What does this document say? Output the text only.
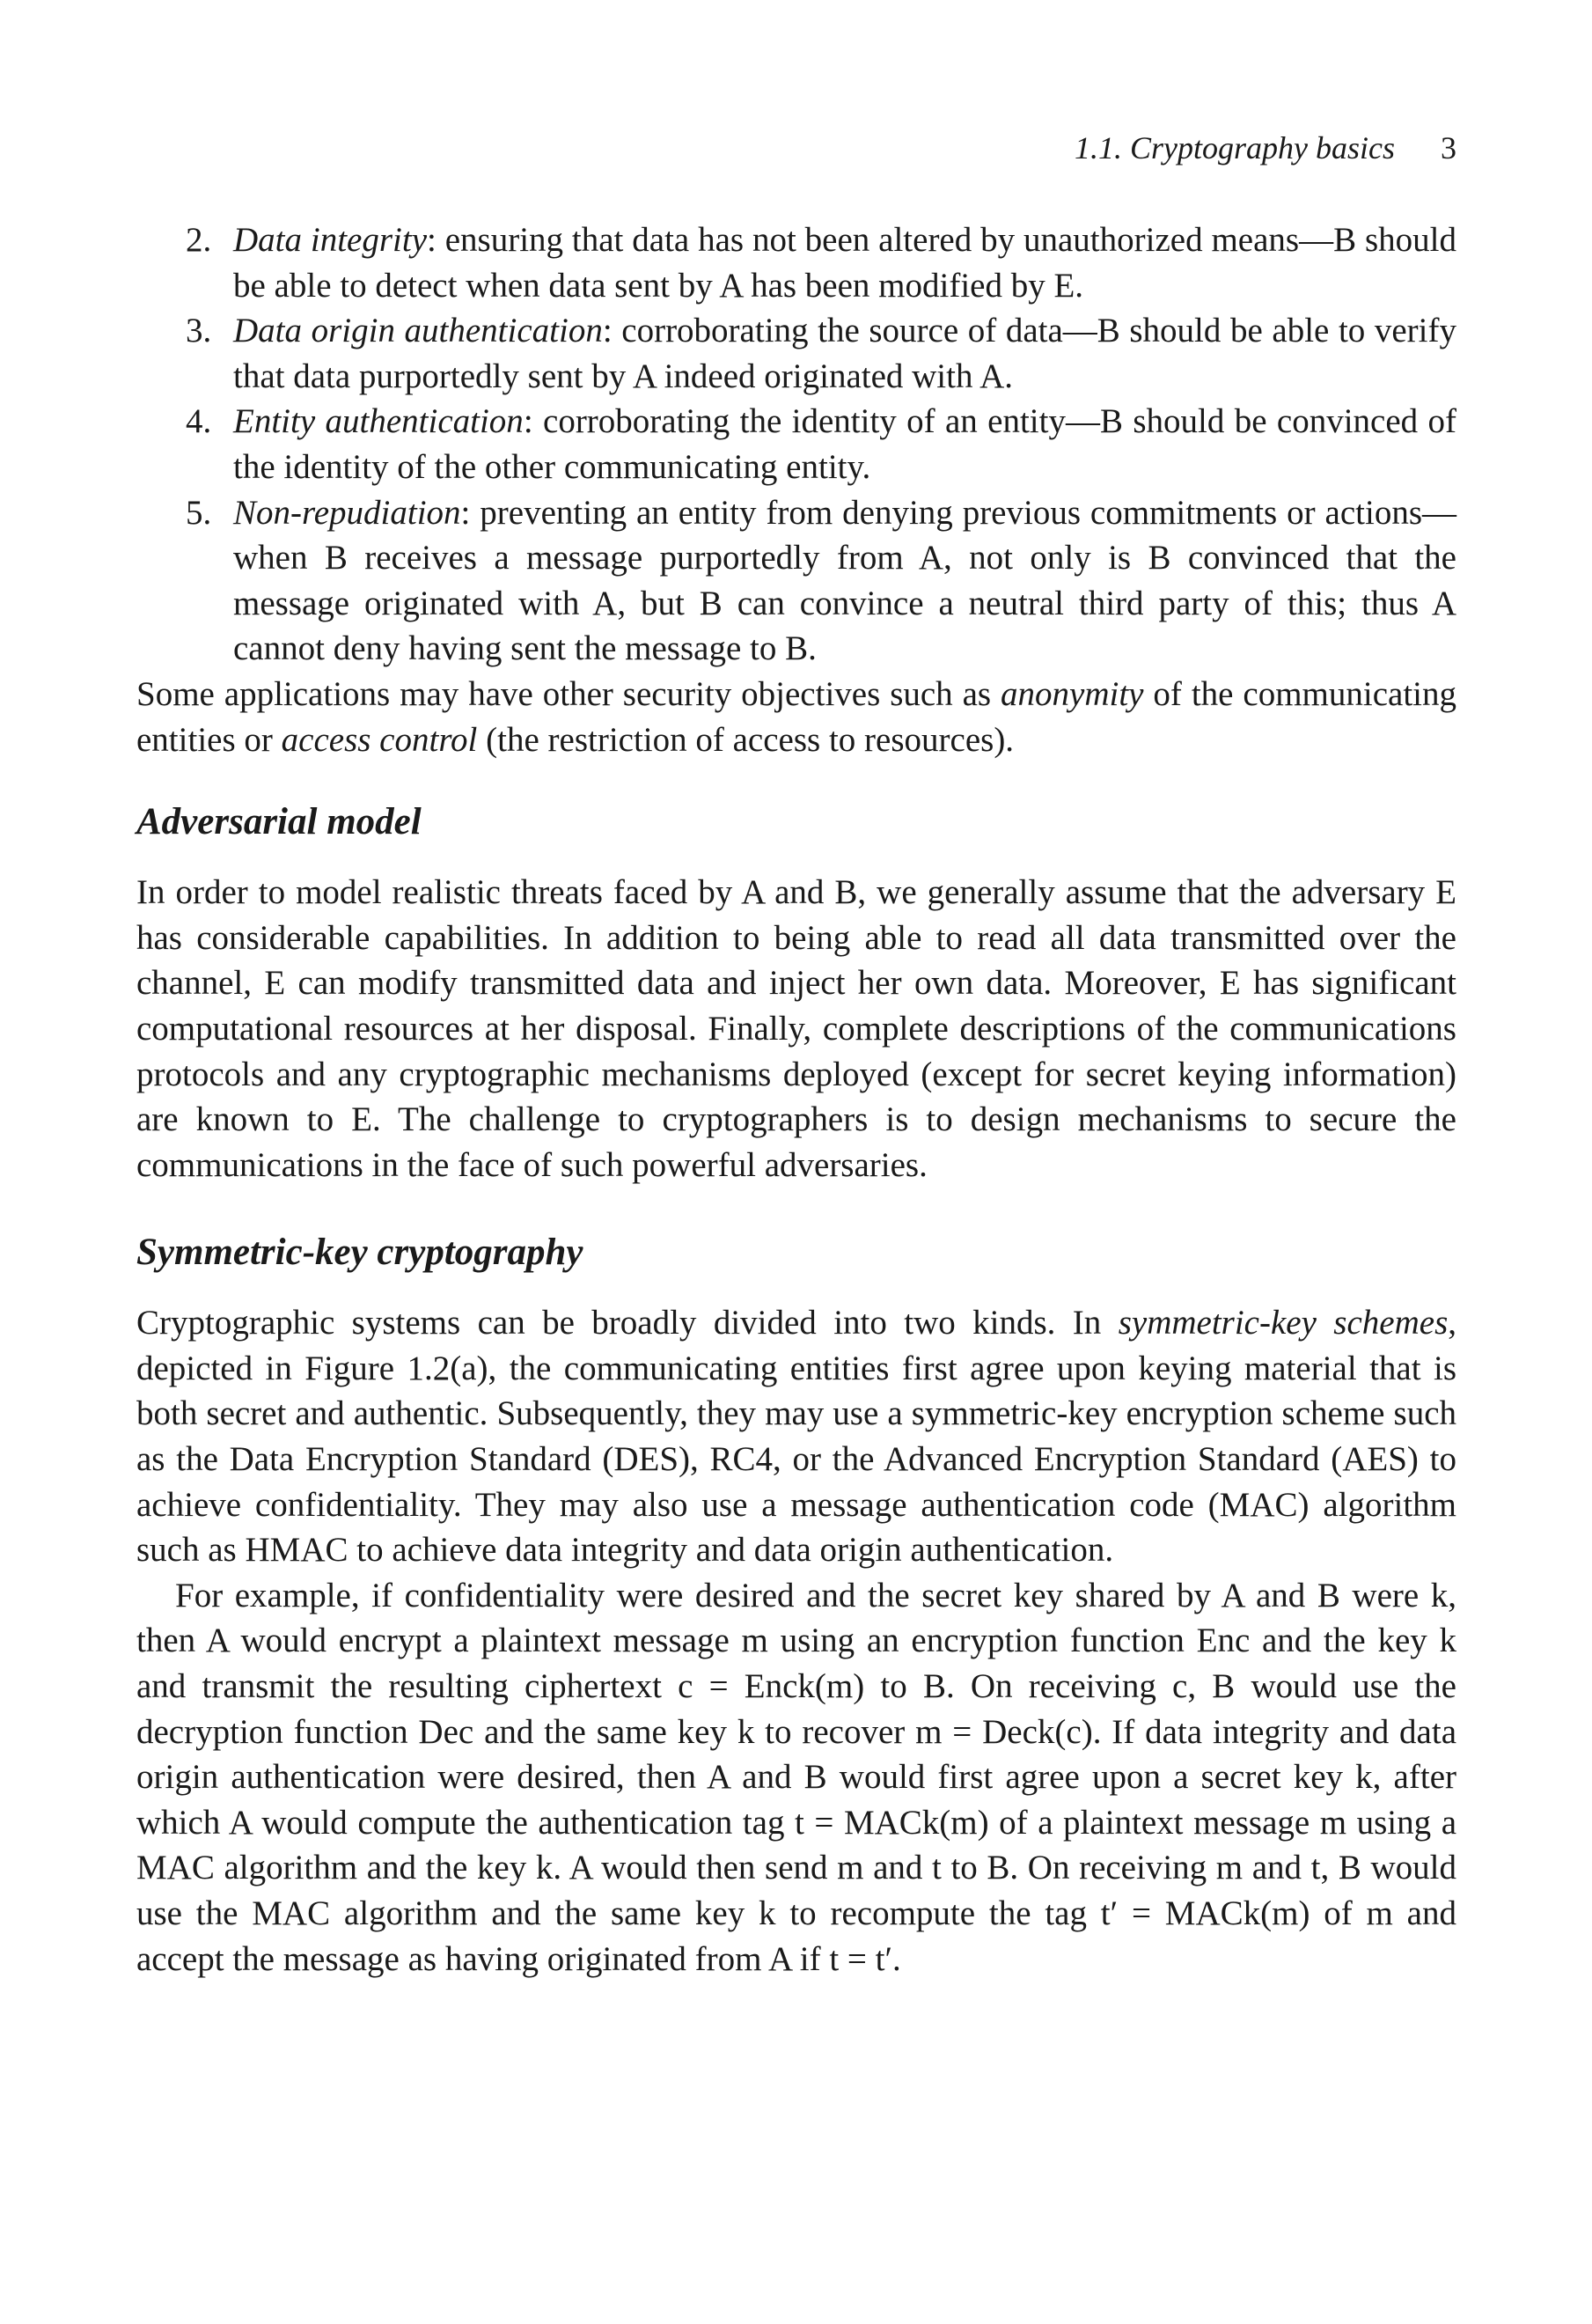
1.1. Cryptography basics 3
2. Data integrity: ensuring that data has not been altered by unauthorized means—B should be able to detect when data sent by A has been modified by E.
3. Data origin authentication: corroborating the source of data—B should be able to verify that data purportedly sent by A indeed originated with A.
4. Entity authentication: corroborating the identity of an entity—B should be convinced of the identity of the other communicating entity.
5. Non-repudiation: preventing an entity from denying previous commitments or actions—when B receives a message purportedly from A, not only is B convinced that the message originated with A, but B can convince a neutral third party of this; thus A cannot deny having sent the message to B.

Some applications may have other security objectives such as anonymity of the communicating entities or access control (the restriction of access to resources).

Adversarial model

In order to model realistic threats faced by A and B, we generally assume that the adversary E has considerable capabilities. In addition to being able to read all data transmitted over the channel, E can modify transmitted data and inject her own data. Moreover, E has significant computational resources at her disposal. Finally, complete descriptions of the communications protocols and any cryptographic mechanisms deployed (except for secret keying information) are known to E. The challenge to cryptographers is to design mechanisms to secure the communications in the face of such powerful adversaries.

Symmetric-key cryptography

Cryptographic systems can be broadly divided into two kinds. In symmetric-key schemes, depicted in Figure 1.2(a), the communicating entities first agree upon keying material that is both secret and authentic. Subsequently, they may use a symmetric-key encryption scheme such as the Data Encryption Standard (DES), RC4, or the Advanced Encryption Standard (AES) to achieve confidentiality. They may also use a message authentication code (MAC) algorithm such as HMAC to achieve data integrity and data origin authentication.

For example, if confidentiality were desired and the secret key shared by A and B were k, then A would encrypt a plaintext message m using an encryption function Enc and the key k and transmit the resulting ciphertext c = Enck(m) to B. On receiving c, B would use the decryption function Dec and the same key k to recover m = Deck(c). If data integrity and data origin authentication were desired, then A and B would first agree upon a secret key k, after which A would compute the authentication tag t = MACk(m) of a plaintext message m using a MAC algorithm and the key k. A would then send m and t to B. On receiving m and t, B would use the MAC algorithm and the same key k to recompute the tag t′ = MACk(m) of m and accept the message as having originated from A if t = t′.
